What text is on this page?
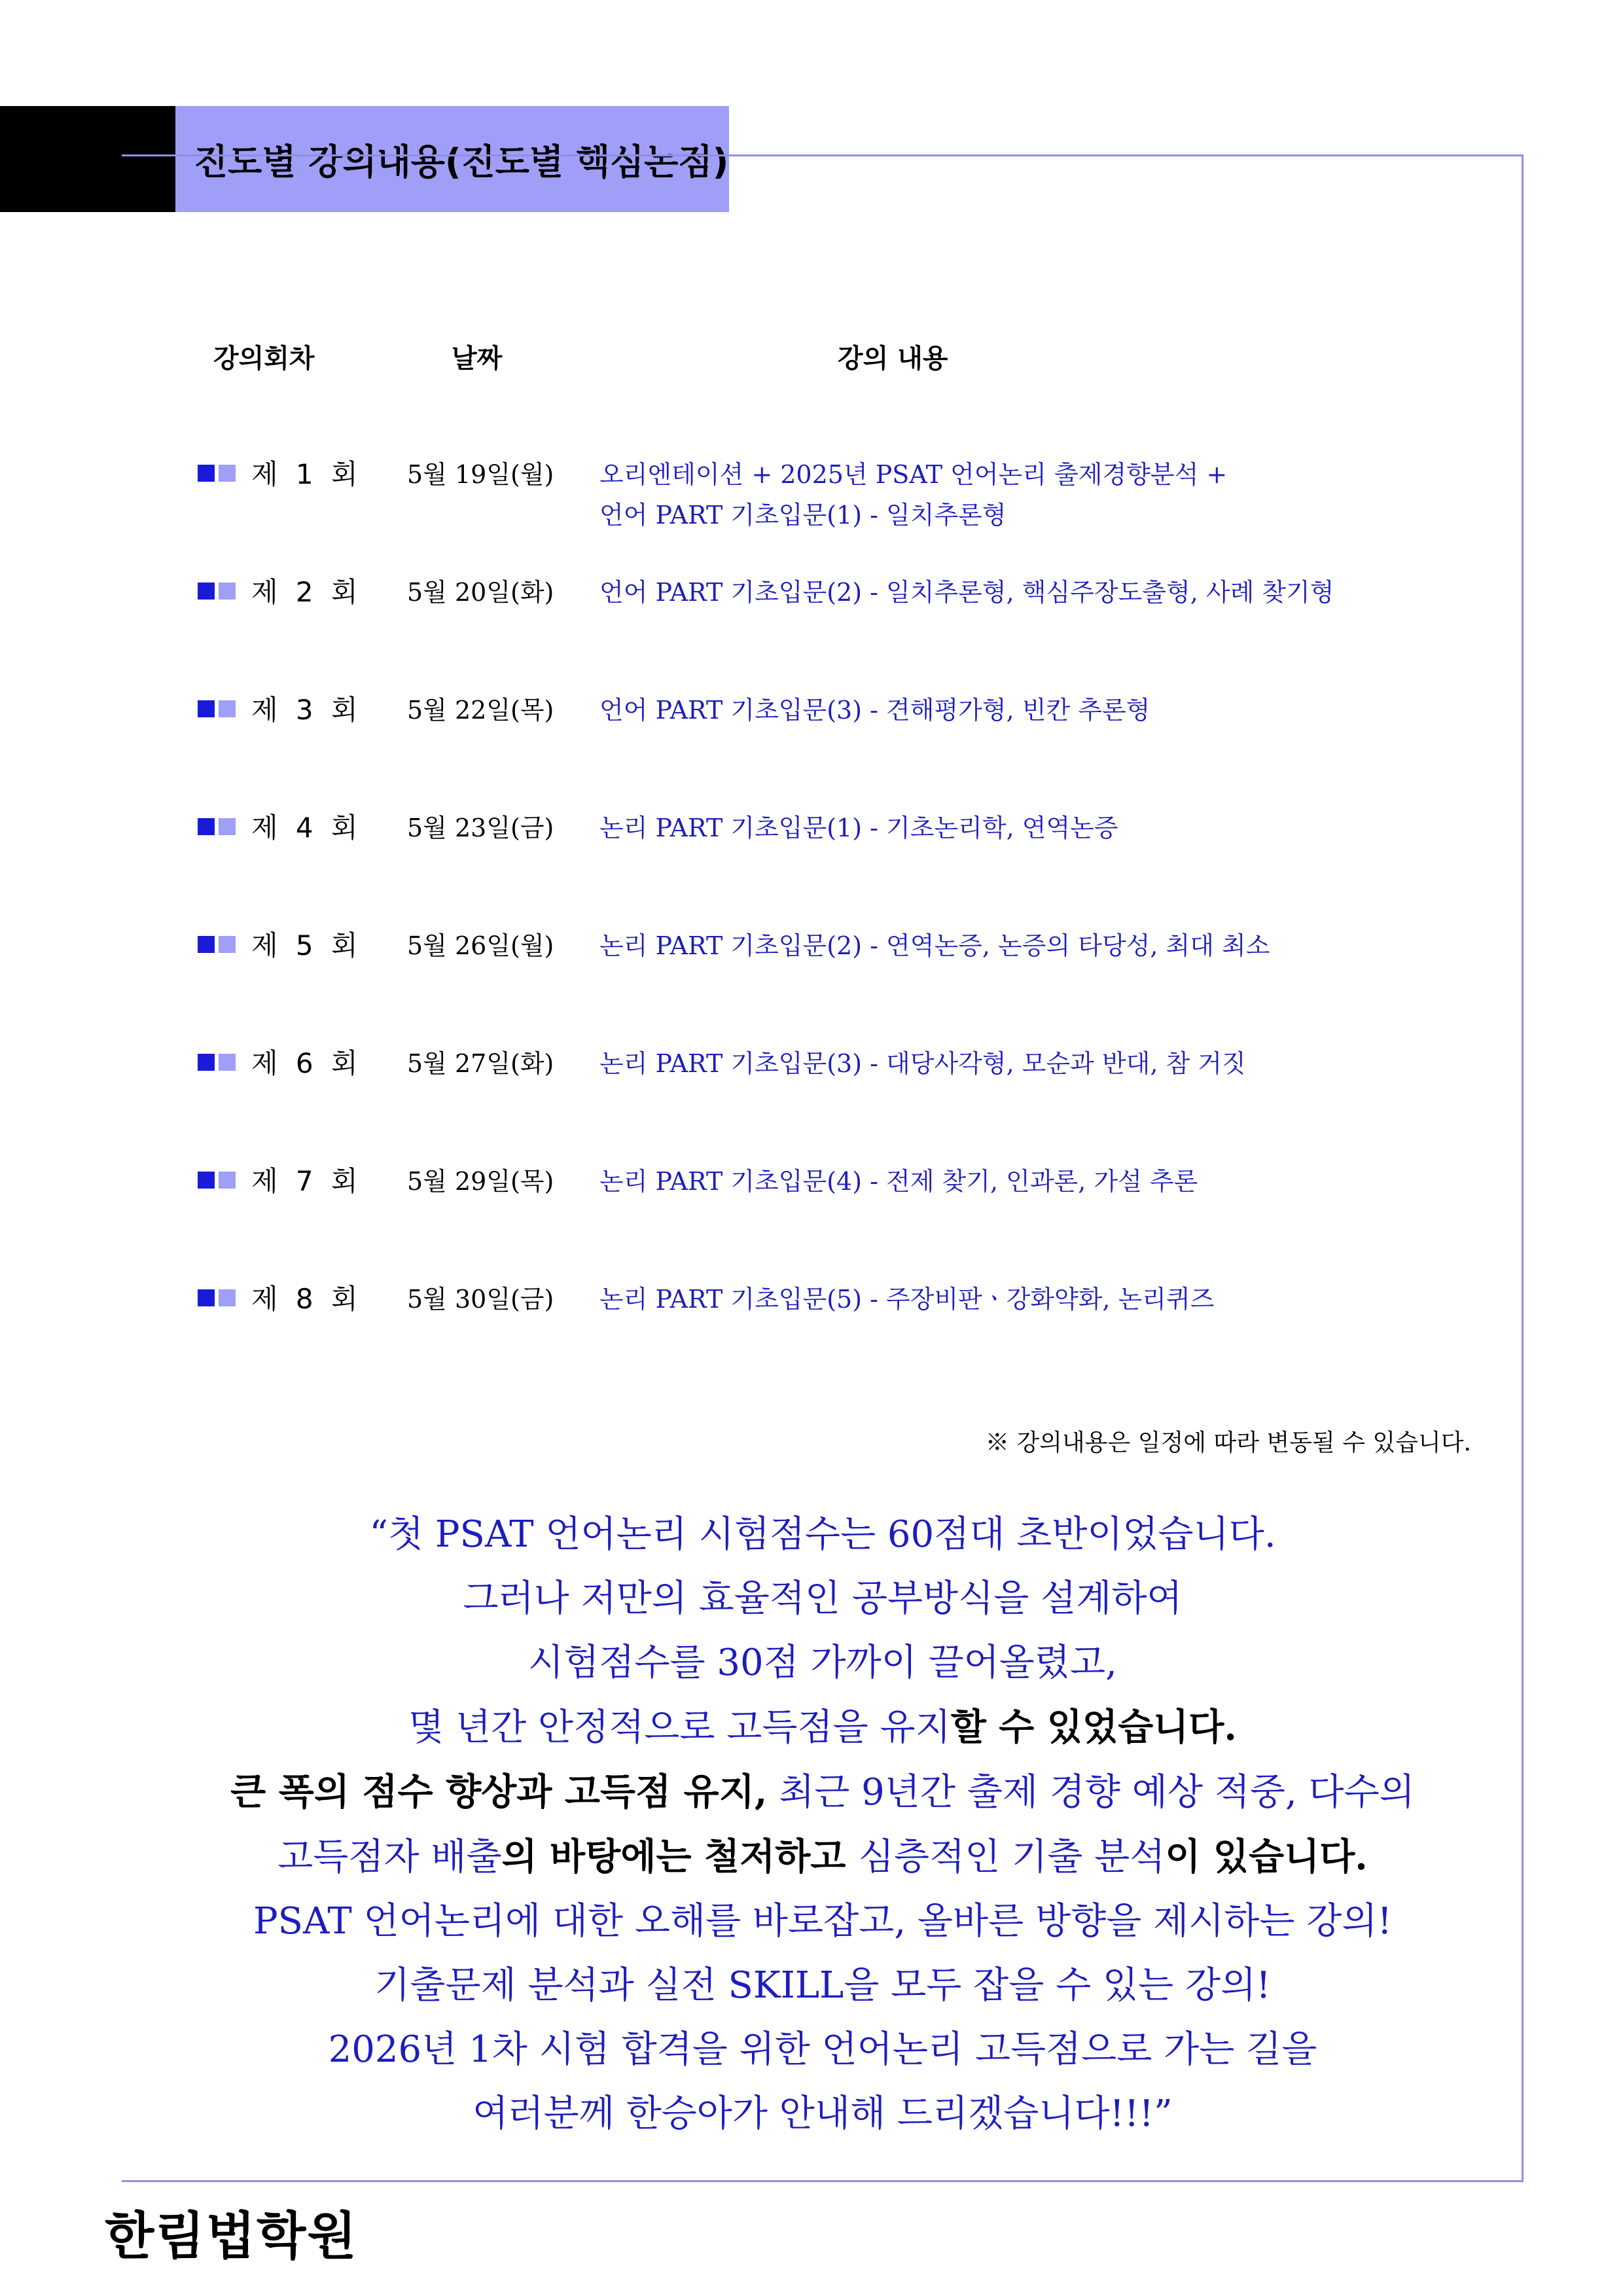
진도별 강의내용(진도별 핵심논점)
강의회차	날짜	강의 내용
제 1 회 5월 19일(월) 오리엔테이션 + 2025년 PSAT 언어논리 출제경향분석 +
언어 PART 기초입문(1) - 일치추론형
제 2 회 5월 20일(화) 언어 PART 기초입문(2) - 일치추론형, 핵심주장도출형, 사례 찾기형
제 3 회 5월 22일(목) 언어 PART 기초입문(3) - 견해평가형, 빈칸 추론형
제 4 회 5월 23일(금) 논리 PART 기초입문(1) - 기초논리학, 연역논증
제 5 회 5월 26일(월) 논리 PART 기초입문(2) - 연역논증, 논증의 타당성, 최대 최소
제 6 회 5월 27일(화) 논리 PART 기초입문(3) - 대당사각형, 모순과 반대, 참 거짓
제 7 회 5월 29일(목) 논리 PART 기초입문(4) - 전제 찾기, 인과론, 가설 추론
제 8 회 5월 30일(금) 논리 PART 기초입문(5) - 주장비판ㆍ강화약화, 논리퀴즈
※ 강의내용은 일정에 따라 변동될 수 있습니다.
“첫 PSAT 언어논리 시험점수는 60점대 초반이었습니다.
그러나 저만의 효율적인 공부방식을 설계하여
시험점수를 30점 가까이 끌어올렸고,
몇 년간 안정적으로 고득점을 유지할 수 있었습니다.
큰 폭의 점수 향상과 고득점 유지, 최근 9년간 출제 경향 예상 적중, 다수의
고득점자 배출의 바탕에는 철저하고 심층적인 기출 분석이 있습니다.
PSAT 언어논리에 대한 오해를 바로잡고, 올바른 방향을 제시하는 강의!
기출문제 분석과 실전 SKILL을 모두 잡을 수 있는 강의!
2026년 1차 시험 합격을 위한 언어논리 고득점으로 가는 길을
여러분께 한승아가 안내해 드리겠습니다!!!”
한림법학원
